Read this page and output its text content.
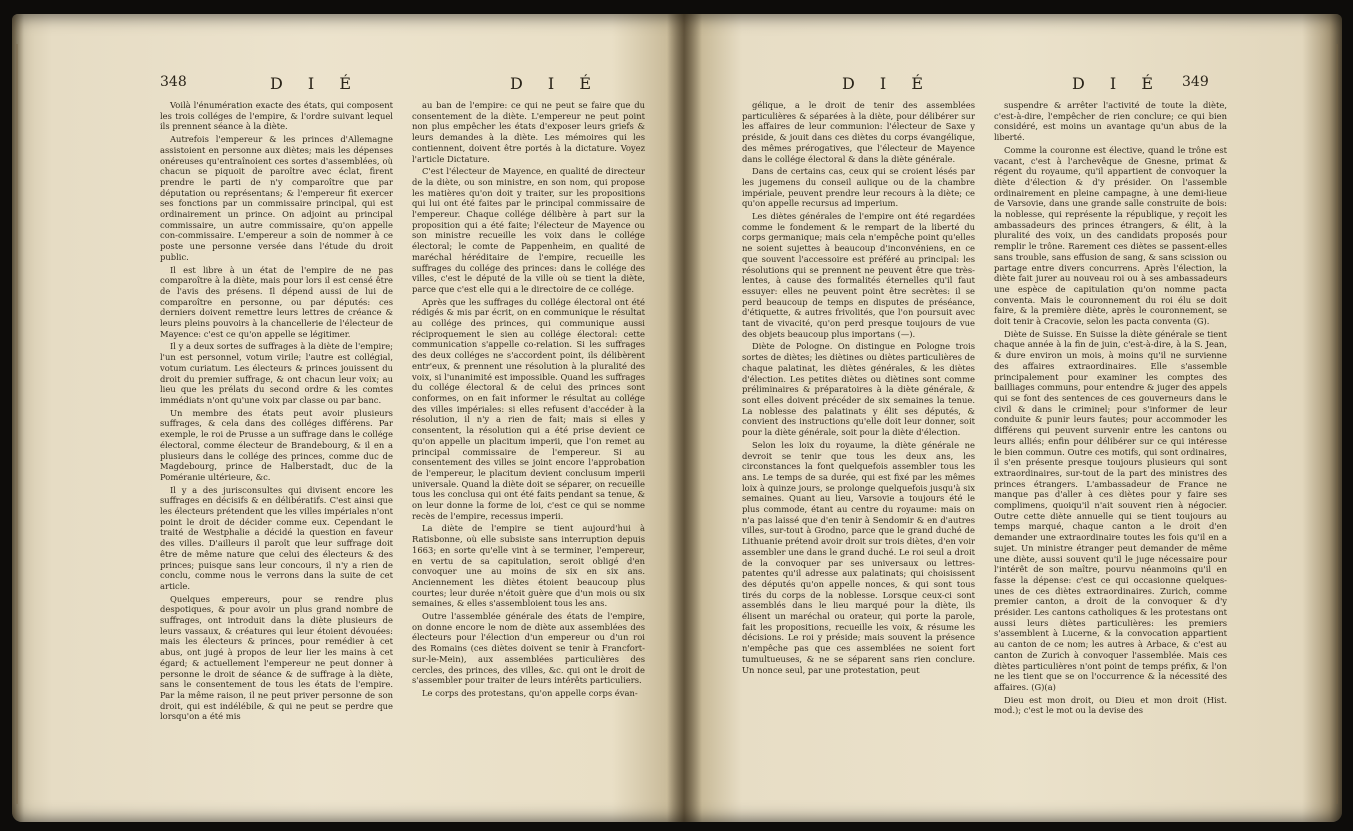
348	D I É	D I É

Voilà l'énumération exacte des états, qui composent les trois colléges de l'empire, & l'ordre suivant lequel ils prennent séance à la diète.

Autrefois l'empereur & les princes d'Allemagne assistoient en personne aux diètes; mais les dépenses onéreuses qu'entraînoient ces sortes d'assemblées, où chacun se piquoit de paroître avec éclat, firent prendre le parti de n'y comparoître que par députation ou représentans; & l'empereur fit exercer ses fonctions par un commissaire principal, qui est ordinairement un prince. On adjoint au principal commissaire, un autre commissaire, qu'on appelle con-commissaire. L'empereur a soin de nommer à ce poste une personne versée dans l'étude du droit public.

Il est libre à un état de l'empire de ne pas comparoître à la diète, mais pour lors il est censé être de l'avis des présens. Il dépend aussi de lui de comparoître en personne, ou par députés: ces derniers doivent remettre leurs lettres de créance & leurs pleins pouvoirs à la chancellerie de l'électeur de Mayence: c'est ce qu'on appelle se légitimer.

Il y a deux sortes de suffrages à la diète de l'empire; l'un est personnel, votum virile; l'autre est collégial, votum curiatum. Les électeurs & princes jouissent du droit du premier suffrage, & ont chacun leur voix; au lieu que les prélats du second ordre & les comtes immédiats n'ont qu'une voix par classe ou par banc.

Un membre des états peut avoir plusieurs suffrages, & cela dans des colléges différens. Par exemple, le roi de Prusse a un suffrage dans le collége électoral, comme électeur de Brandebourg, & il en a plusieurs dans le collége des princes, comme duc de Magdebourg, prince de Halberstadt, duc de la Poméranie ultérieure, &c.

Il y a des jurisconsultes qui divisent encore les suffrages en décisifs & en délibératifs. C'est ainsi que les électeurs prétendent que les villes impériales n'ont point le droit de décider comme eux. Cependant le traité de Westphalie a décidé la question en faveur des villes. D'ailleurs il paroît que leur suffrage doit être de même nature que celui des électeurs & des princes; puisque sans leur concours, il n'y a rien de conclu, comme nous le verrons dans la suite de cet article.

Quelques empereurs, pour se rendre plus despotiques, & pour avoir un plus grand nombre de suffrages, ont introduit dans la diète plusieurs de leurs vassaux, & créatures qui leur étoient dévouées: mais les électeurs & princes, pour remédier à cet abus, ont jugé à propos de leur lier les mains à cet égard; & actuellement l'empereur ne peut donner à personne le droit de séance & de suffrage à la diète, sans le consentement de tous les états de l'empire. Par la même raison, il ne peut priver personne de son droit, qui est indélébile, & qui ne peut se perdre que lorsqu'on a été mis

au ban de l'empire: ce qui ne peut se faire que du consentement de la diète. L'empereur ne peut point non plus empêcher les états d'exposer leurs griefs & leurs demandes à la diète. Les mémoires qui les contiennent, doivent être portés à la dictature. Voyez l'article Dictature.

C'est l'électeur de Mayence, en qualité de directeur de la diète, ou son ministre, en son nom, qui propose les matières qu'on doit y traiter, sur les propositions qui lui ont été faites par le principal commissaire de l'empereur. Chaque collége délibère à part sur la proposition qui a été faite; l'électeur de Mayence ou son ministre recueille les voix dans le collége électoral; le comte de Pappenheim, en qualité de maréchal héréditaire de l'empire, recueille les suffrages du collége des princes: dans le collége des villes, c'est le député de la ville où se tient la diète, parce que c'est elle qui a le directoire de ce collége.

Après que les suffrages du collége électoral ont été rédigés & mis par écrit, on en communique le résultat au collége des princes, qui communique aussi réciproquement le sien au collége électoral: cette communication s'appelle co-relation. Si les suffrages des deux colléges ne s'accordent point, ils délibèrent entr'eux, & prennent une résolution à la pluralité des voix, si l'unanimité est impossible. Quand les suffrages du collége électoral & de celui des princes sont conformes, on en fait informer le résultat au collége des villes impériales: si elles refusent d'accéder à la résolution, il n'y a rien de fait; mais si elles y consentent, la résolution qui a été prise devient ce qu'on appelle un placitum imperii, que l'on remet au principal commissaire de l'empereur. Si au consentement des villes se joint encore l'approbation de l'empereur, le placitum devient conclusum imperii universale. Quand la diète doit se séparer, on recueille tous les conclusa qui ont été faits pendant sa tenue, & on leur donne la forme de loi, c'est ce qui se nomme recès de l'empire, recessus imperii.

La diète de l'empire se tient aujourd'hui à Ratisbonne, où elle subsiste sans interruption depuis 1663; en sorte qu'elle vint à se terminer, l'empereur, en vertu de sa capitulation, seroit obligé d'en convoquer une au moins de six en six ans. Anciennement les diètes étoient beaucoup plus courtes; leur durée n'étoit guère que d'un mois ou six semaines, & elles s'assembloient tous les ans.

Outre l'assemblée générale des états de l'empire, on donne encore le nom de diète aux assemblées des électeurs pour l'élection d'un empereur ou d'un roi des Romains (ces diètes doivent se tenir à Francfort-sur-le-Mein), aux assemblées particulières des cercles, des princes, des villes, &c. qui ont le droit de s'assembler pour traiter de leurs intérêts particuliers.

Le corps des protestans, qu'on appelle corps évan-

D I É	D I É 349

gélique, a le droit de tenir des assemblées particulières & séparées à la diète, pour délibérer sur les affaires de leur communion: l'électeur de Saxe y préside, & jouit dans ces diètes du corps évangélique, des mêmes prérogatives, que l'électeur de Mayence dans le collége électoral & dans la diète générale.

Dans de certains cas, ceux qui se croient lésés par les jugemens du conseil aulique ou de la chambre impériale, peuvent prendre leur recours à la diète; ce qu'on appelle recursus ad imperium.

Les diètes générales de l'empire ont été regardées comme le fondement & le rempart de la liberté du corps germanique; mais cela n'empêche point qu'elles ne soient sujettes à beaucoup d'inconvéniens, en ce que souvent l'accessoire est préféré au principal: les résolutions qui se prennent ne peuvent être que très-lentes, à cause des formalités éternelles qu'il faut essuyer: elles ne peuvent point être secrètes: il se perd beaucoup de temps en disputes de préséance, d'étiquette, & autres frivolités, que l'on poursuit avec tant de vivacité, qu'on perd presque toujours de vue des objets beaucoup plus importans (—).

Diète de Pologne. On distingue en Pologne trois sortes de diètes; les diètines ou diètes particulières de chaque palatinat, les diètes générales, & les diètes d'élection. Les petites diètes ou diètines sont comme préliminaires & préparatoires à la diète générale, & sont elles doivent précéder de six semaines la tenue. La noblesse des palatinats y élit ses députés, & convient des instructions qu'elle doit leur donner, soit pour la diète générale, soit pour la diète d'élection.

Selon les loix du royaume, la diète générale ne devroit se tenir que tous les deux ans, les circonstances la font quelquefois assembler tous les ans. Le temps de sa durée, qui est fixé par les mêmes loix à quinze jours, se prolonge quelquefois jusqu'à six semaines. Quant au lieu, Varsovie a toujours été le plus commode, étant au centre du royaume: mais on n'a pas laissé que d'en tenir à Sendomir & en d'autres villes, sur-tout à Grodno, parce que le grand duché de Lithuanie prétend avoir droit sur trois diètes, d'en voir assembler une dans le grand duché. Le roi seul a droit de la convoquer par ses universaux ou lettres-patentes qu'il adresse aux palatinats; qui choisissent des députés qu'on appelle nonces, & qui sont tous tirés du corps de la noblesse. Lorsque ceux-ci sont assemblés dans le lieu marqué pour la diète, ils élisent un maréchal ou orateur, qui porte la parole, fait les propositions, recueille les voix, & résume les décisions. Le roi y préside; mais souvent la présence n'empêche pas que ces assemblées ne soient fort tumultueuses, & ne se séparent sans rien conclure. Un nonce seul, par une protestation, peut

suspendre & arrêter l'activité de toute la diète, c'est-à-dire, l'empêcher de rien conclure; ce qui bien considéré, est moins un avantage qu'un abus de la liberté.

Comme la couronne est élective, quand le trône est vacant, c'est à l'archevêque de Gnesne, primat & régent du royaume, qu'il appartient de convoquer la diète d'élection & d'y présider. On l'assemble ordinairement en pleine campagne, à une demi-lieue de Varsovie, dans une grande salle construite de bois: la noblesse, qui représente la république, y reçoit les ambassadeurs des princes étrangers, & élit, à la pluralité des voix, un des candidats proposés pour remplir le trône. Rarement ces diètes se passent-elles sans trouble, sans effusion de sang, & sans scission ou partage entre divers concurrens. Après l'élection, la diète fait jurer au nouveau roi ou à ses ambassadeurs une espèce de capitulation qu'on nomme pacta conventa. Mais le couronnement du roi élu se doit faire, & la première diète, après le couronnement, se doit tenir à Cracovie, selon les pacta conventa (G).

Diète de Suisse. En Suisse la diète générale se tient chaque année à la fin de juin, c'est-à-dire, à la S. Jean, & dure environ un mois, à moins qu'il ne survienne des affaires extraordinaires. Elle s'assemble principalement pour examiner les comptes des bailliages communs, pour entendre & juger des appels qui se font des sentences de ces gouverneurs dans le civil & dans le criminel; pour s'informer de leur conduite & punir leurs fautes; pour accommoder les différens qui peuvent survenir entre les cantons ou leurs alliés; enfin pour délibérer sur ce qui intéresse le bien commun. Outre ces motifs, qui sont ordinaires, il s'en présente presque toujours plusieurs qui sont extraordinaires, sur-tout de la part des ministres des princes étrangers. L'ambassadeur de France ne manque pas d'aller à ces diètes pour y faire ses complimens, quoiqu'il n'ait souvent rien à négocier. Outre cette diète annuelle qui se tient toujours au temps marqué, chaque canton a le droit d'en demander une extraordinaire toutes les fois qu'il en a sujet. Un ministre étranger peut demander de même une diète, aussi souvent qu'il le juge nécessaire pour l'intérêt de son maître, pourvu néanmoins qu'il en fasse la dépense: c'est ce qui occasionne quelques-unes de ces diètes extraordinaires. Zurich, comme premier canton, a droit de la convoquer & d'y présider. Les cantons catholiques & les protestans ont aussi leurs diètes particulières: les premiers s'assemblent à Lucerne, & la convocation appartient au canton de ce nom; les autres à Arbace, & c'est au canton de Zurich à convoquer l'assemblée. Mais ces diètes particulières n'ont point de temps préfix, & l'on ne les tient que se on l'occurrence & la nécessité des affaires. (G)(a)

Dieu est mon droit, ou Dieu et mon droit (Hist. mod.); c'est le mot ou la devise des
